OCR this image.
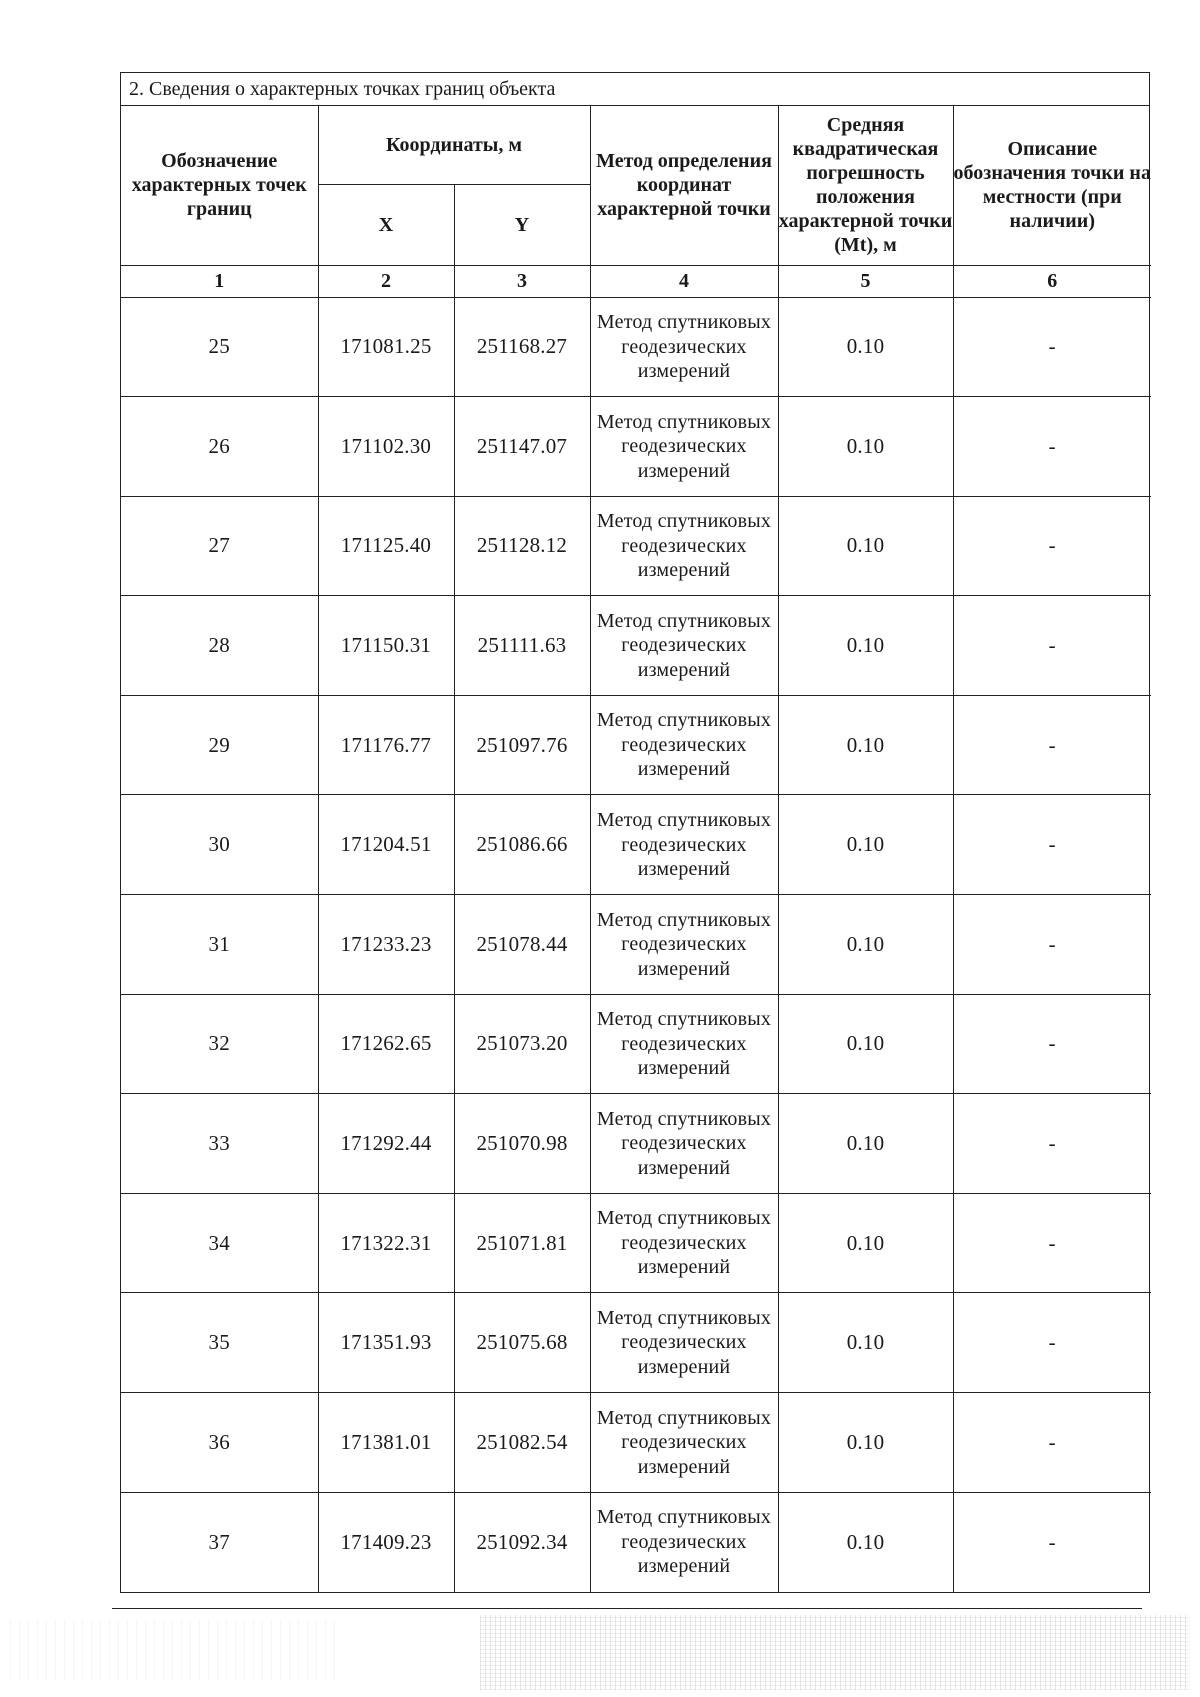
2. Сведения о характерных точках границ объекта
Обозначение характерных точек границ	Координаты, м		Метод определения координат характерной точки	Средняя квадратическая погрешность положения характерной точки (Mt), м	Описание обозначения точки на местности (при наличии)
	X	Y			
1	2	3	4	5	6
25	171081.25	251168.27	Метод спутниковых геодезических измерений	0.10	-
26	171102.30	251147.07	Метод спутниковых геодезических измерений	0.10	-
27	171125.40	251128.12	Метод спутниковых геодезических измерений	0.10	-
28	171150.31	251111.63	Метод спутниковых геодезических измерений	0.10	-
29	171176.77	251097.76	Метод спутниковых геодезических измерений	0.10	-
30	171204.51	251086.66	Метод спутниковых геодезических измерений	0.10	-
31	171233.23	251078.44	Метод спутниковых геодезических измерений	0.10	-
32	171262.65	251073.20	Метод спутниковых геодезических измерений	0.10	-
33	171292.44	251070.98	Метод спутниковых геодезических измерений	0.10	-
34	171322.31	251071.81	Метод спутниковых геодезических измерений	0.10	-
35	171351.93	251075.68	Метод спутниковых геодезических измерений	0.10	-
36	171381.01	251082.54	Метод спутниковых геодезических измерений	0.10	-
37	171409.23	251092.34	Метод спутниковых геодезических измерений	0.10	-
